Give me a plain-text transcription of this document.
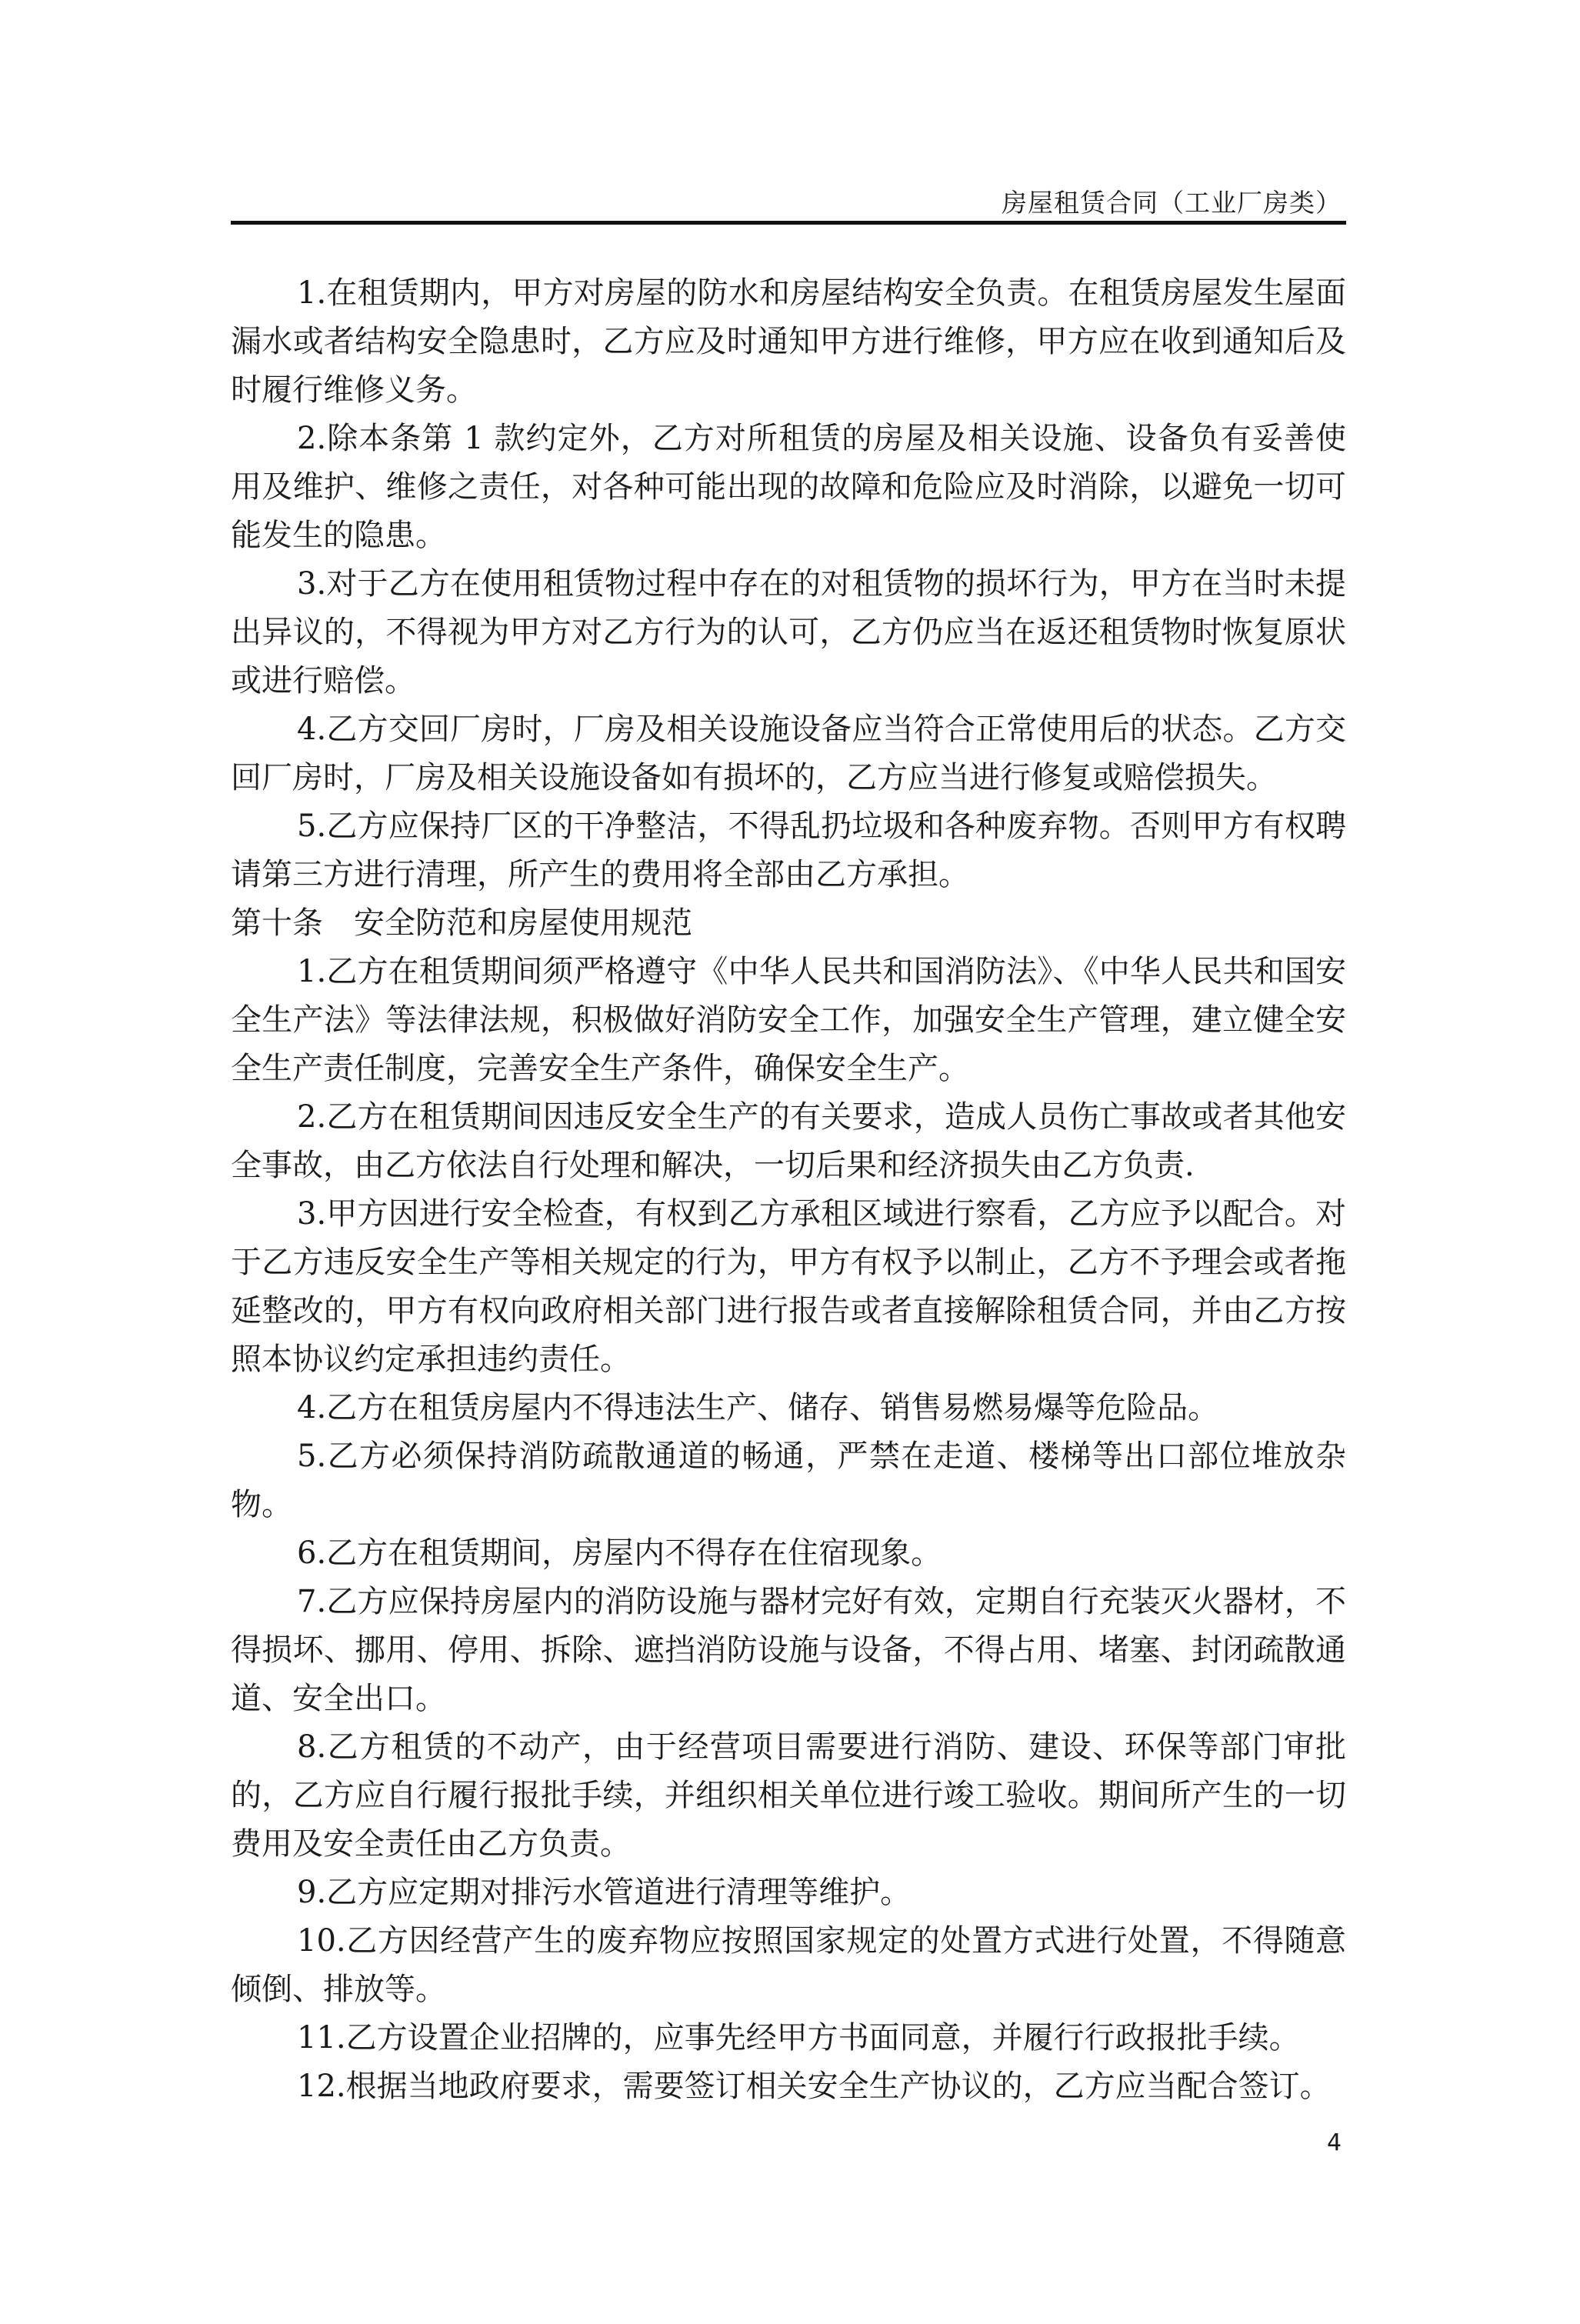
房屋租赁合同（工业厂房类）

1.在租赁期内，甲方对房屋的防水和房屋结构安全负责。在租赁房屋发生屋面漏水或者结构安全隐患时，乙方应及时通知甲方进行维修，甲方应在收到通知后及时履行维修义务。

2.除本条第 1 款约定外，乙方对所租赁的房屋及相关设施、设备负有妥善使用及维护、维修之责任，对各种可能出现的故障和危险应及时消除，以避免一切可能发生的隐患。

3.对于乙方在使用租赁物过程中存在的对租赁物的损坏行为，甲方在当时未提出异议的，不得视为甲方对乙方行为的认可，乙方仍应当在返还租赁物时恢复原状或进行赔偿。

4.乙方交回厂房时，厂房及相关设施设备应当符合正常使用后的状态。乙方交回厂房时，厂房及相关设施设备如有损坏的，乙方应当进行修复或赔偿损失。

5.乙方应保持厂区的干净整洁，不得乱扔垃圾和各种废弃物。否则甲方有权聘请第三方进行清理，所产生的费用将全部由乙方承担。

第十条　安全防范和房屋使用规范

1.乙方在租赁期间须严格遵守《中华人民共和国消防法》、《中华人民共和国安全生产法》等法律法规，积极做好消防安全工作，加强安全生产管理，建立健全安全生产责任制度，完善安全生产条件，确保安全生产。

2.乙方在租赁期间因违反安全生产的有关要求，造成人员伤亡事故或者其他安全事故，由乙方依法自行处理和解决，一切后果和经济损失由乙方负责.

3.甲方因进行安全检查，有权到乙方承租区域进行察看，乙方应予以配合。对于乙方违反安全生产等相关规定的行为，甲方有权予以制止，乙方不予理会或者拖延整改的，甲方有权向政府相关部门进行报告或者直接解除租赁合同，并由乙方按照本协议约定承担违约责任。

4.乙方在租赁房屋内不得违法生产、储存、销售易燃易爆等危险品。

5.乙方必须保持消防疏散通道的畅通，严禁在走道、楼梯等出口部位堆放杂物。

6.乙方在租赁期间，房屋内不得存在住宿现象。

7.乙方应保持房屋内的消防设施与器材完好有效，定期自行充装灭火器材，不得损坏、挪用、停用、拆除、遮挡消防设施与设备，不得占用、堵塞、封闭疏散通道、安全出口。

8.乙方租赁的不动产，由于经营项目需要进行消防、建设、环保等部门审批的，乙方应自行履行报批手续，并组织相关单位进行竣工验收。期间所产生的一切费用及安全责任由乙方负责。

9.乙方应定期对排污水管道进行清理等维护。

10.乙方因经营产生的废弃物应按照国家规定的处置方式进行处置，不得随意倾倒、排放等。

11.乙方设置企业招牌的，应事先经甲方书面同意，并履行行政报批手续。

12.根据当地政府要求，需要签订相关安全生产协议的，乙方应当配合签订。

4
